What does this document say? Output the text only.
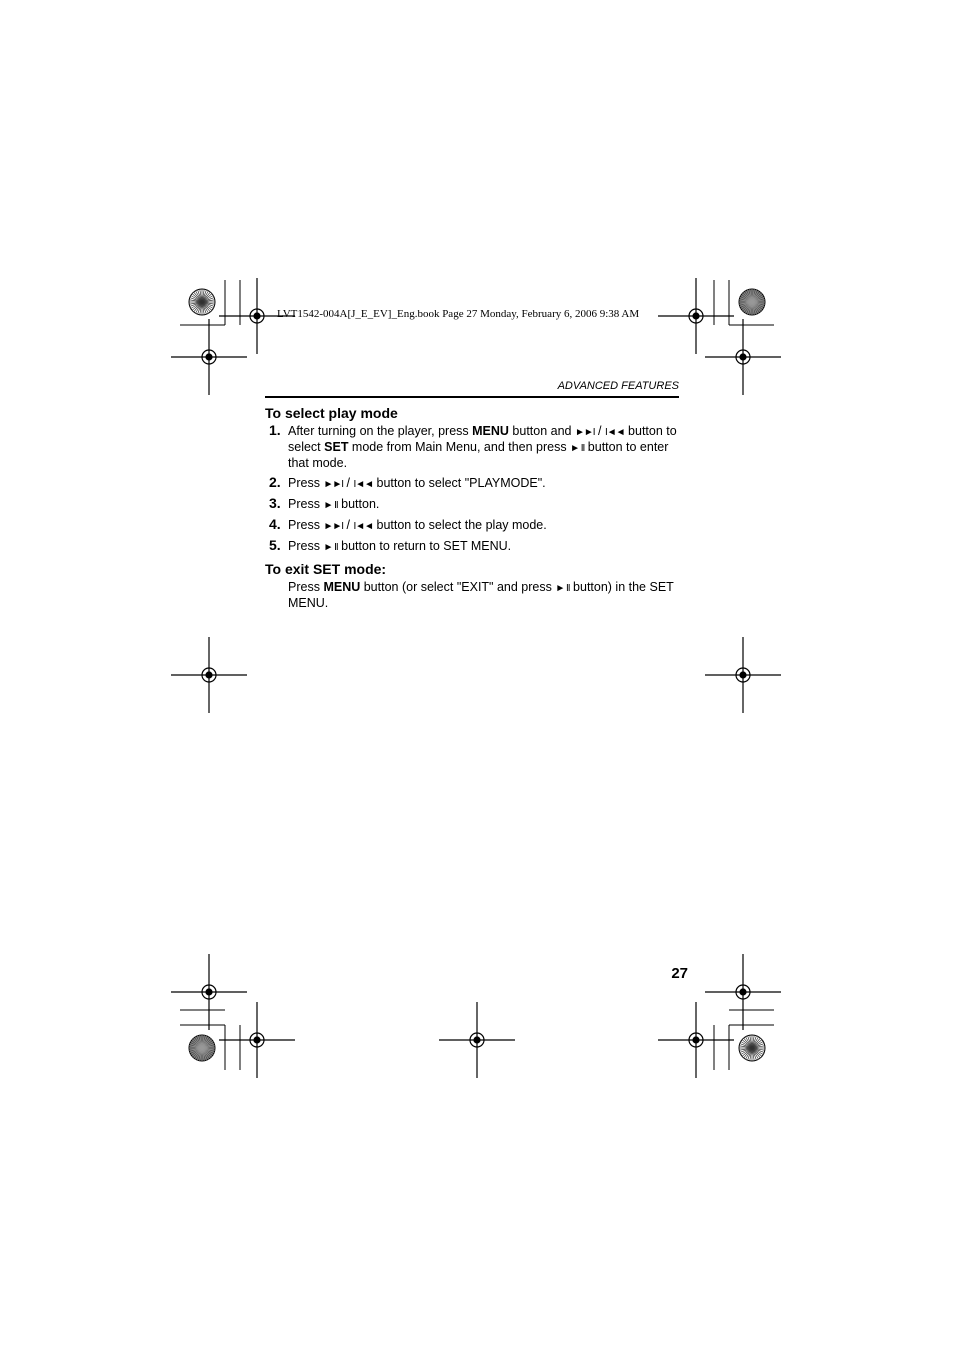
LVT1542-004A[J_E_EV]_Eng.book Page 27 Monday, February 6, 2006 9:38 AM
ADVANCED FEATURES

To select play mode

1. After turning on the player, press MENU button and ►►I / I◄◄ button to select SET mode from Main Menu, and then press ► II button to enter that mode.
2. Press ►►I / I◄◄ button to select "PLAYMODE".
3. Press ► II button.
4. Press ►►I / I◄◄ button to select the play mode.
5. Press ► II button to return to SET MENU.

To exit SET mode:

Press MENU button (or select "EXIT" and press ► II button) in the SET MENU.

27
